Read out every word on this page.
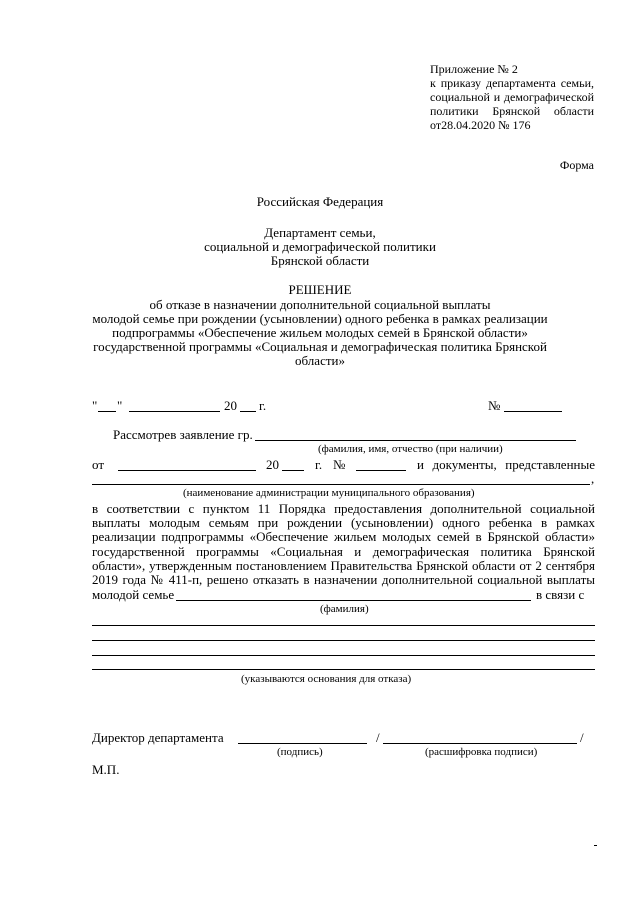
Приложение № 2
к приказу департамента семьи,
социальной и демографической
политики Брянской области
от28.04.2020 № 176
Форма
Российская Федерация
Департамент семьи,
социальной и демографической политики
Брянской области
РЕШЕНИЕ
об отказе в назначении дополнительной социальной выплаты
молодой семье при рождении (усыновлении) одного ребенка в рамках реализации
подпрограммы «Обеспечение жильем молодых семей в Брянской области»
государственной программы «Социальная и демографическая политика Брянской
области»
" "	20 г.	№
Рассмотрев заявление гр.
(фамилия, имя, отчество (при наличии)
от	20	г. №	и документы, представленные
,
(наименование администрации муниципального образования)
в соответствии с пунктом 11 Порядка предоставления дополнительной социальной
выплаты молодым семьям при рождении (усыновлении) одного ребенка в рамках
реализации подпрограммы «Обеспечение жильем молодых семей в Брянской области»
государственной программы «Социальная и демографическая политика Брянской
области», утвержденным постановлением Правительства Брянской области от 2 сентября
2019 года № 411-п, решено отказать в назначении дополнительной социальной выплаты
молодой семье	в связи с
(фамилия)
(указываются основания для отказа)
Директор департамента	/	/
(подпись)	(расшифровка подписи)
М.П.
